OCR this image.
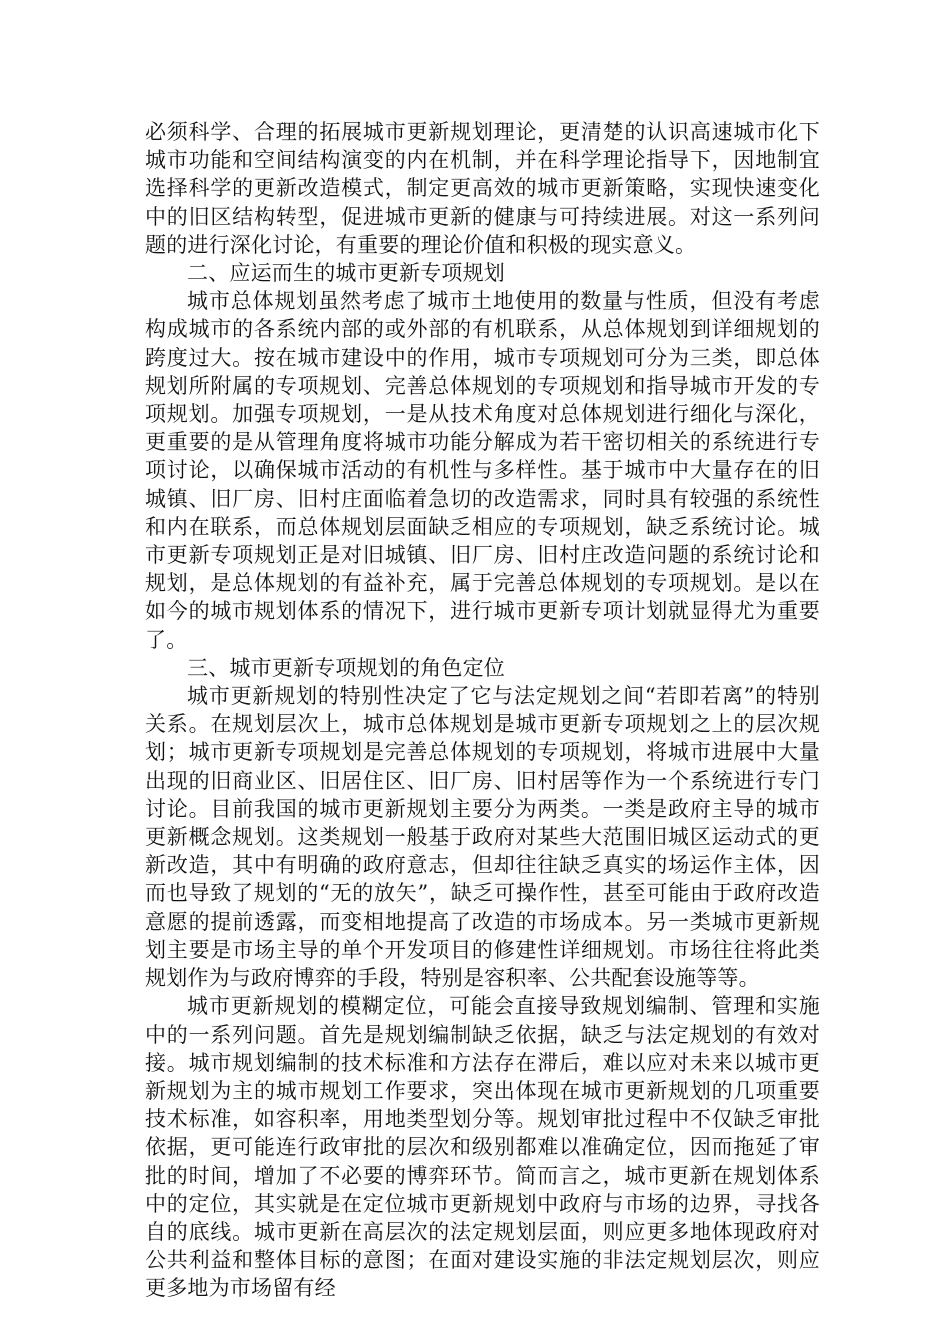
必须科学、合理的拓展城市更新规划理论，更清楚的认识高速城市化下城市功能和空间结构演变的内在机制，并在科学理论指导下，因地制宜选择科学的更新改造模式，制定更高效的城市更新策略，实现快速变化中的旧区结构转型，促进城市更新的健康与可持续进展。对这一系列问题的进行深化讨论，有重要的理论价值和积极的现实意义。

二、应运而生的城市更新专项规划

城市总体规划虽然考虑了城市土地使用的数量与性质，但没有考虑构成城市的各系统内部的或外部的有机联系，从总体规划到详细规划的跨度过大。按在城市建设中的作用，城市专项规划可分为三类，即总体规划所附属的专项规划、完善总体规划的专项规划和指导城市开发的专项规划。加强专项规划，一是从技术角度对总体规划进行细化与深化，更重要的是从管理角度将城市功能分解成为若干密切相关的系统进行专项讨论，以确保城市活动的有机性与多样性。基于城市中大量存在的旧城镇、旧厂房、旧村庄面临着急切的改造需求，同时具有较强的系统性和内在联系，而总体规划层面缺乏相应的专项规划，缺乏系统讨论。城市更新专项规划正是对旧城镇、旧厂房、旧村庄改造问题的系统讨论和规划，是总体规划的有益补充，属于完善总体规划的专项规划。是以在如今的城市规划体系的情况下，进行城市更新专项计划就显得尤为重要了。

三、城市更新专项规划的角色定位

城市更新规划的特别性决定了它与法定规划之间“若即若离”的特别关系。在规划层次上，城市总体规划是城市更新专项规划之上的层次规划；城市更新专项规划是完善总体规划的专项规划，将城市进展中大量出现的旧商业区、旧居住区、旧厂房、旧村居等作为一个系统进行专门讨论。目前我国的城市更新规划主要分为两类。一类是政府主导的城市更新概念规划。这类规划一般基于政府对某些大范围旧城区运动式的更新改造，其中有明确的政府意志，但却往往缺乏真实的场运作主体，因而也导致了规划的“无的放矢”，缺乏可操作性，甚至可能由于政府改造意愿的提前透露，而变相地提高了改造的市场成本。另一类城市更新规划主要是市场主导的单个开发项目的修建性详细规划。市场往往将此类规划作为与政府博弈的手段，特别是容积率、公共配套设施等等。

城市更新规划的模糊定位，可能会直接导致规划编制、管理和实施中的一系列问题。首先是规划编制缺乏依据，缺乏与法定规划的有效对接。城市规划编制的技术标准和方法存在滞后，难以应对未来以城市更新规划为主的城市规划工作要求，突出体现在城市更新规划的几项重要技术标准，如容积率，用地类型划分等。规划审批过程中不仅缺乏审批依据，更可能连行政审批的层次和级别都难以准确定位，因而拖延了审批的时间，增加了不必要的博弈环节。简而言之，城市更新在规划体系中的定位，其实就是在定位城市更新规划中政府与市场的边界，寻找各自的底线。城市更新在高层次的法定规划层面，则应更多地体现政府对公共利益和整体目标的意图；在面对建设实施的非法定规划层次，则应更多地为市场留有经
